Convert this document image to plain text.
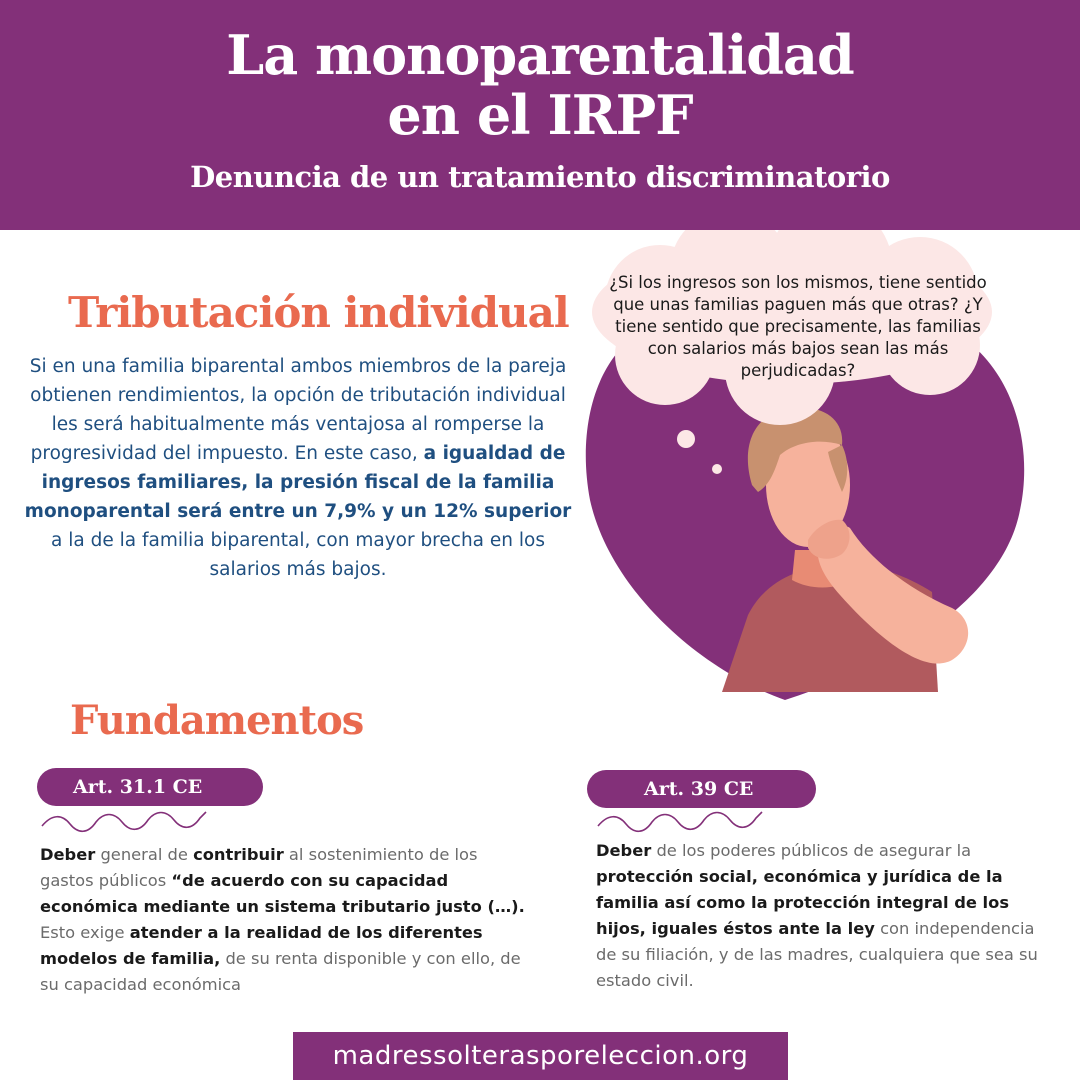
La monoparentalidad
en el IRPF
Denuncia de un tratamiento discriminatorio
¿Si los ingresos son los mismos, tiene sentido que unas familias paguen más que otras? ¿Y tiene sentido que precisamente, las familias con salarios más bajos sean las más perjudicadas?
Tributación individual
Si en una familia biparental ambos miembros de la pareja obtienen rendimientos, la opción de tributación individual les será habitualmente más ventajosa al romperse la progresividad del impuesto. En este caso, a igualdad de ingresos familiares, la presión fiscal de la familia monoparental será entre un 7,9% y un 12% superior a la de la familia biparental, con mayor brecha en los salarios más bajos.
Fundamentos
Art. 31.1 CE
Deber general de contribuir al sostenimiento de los gastos públicos “de acuerdo con su capacidad económica mediante un sistema tributario justo (…). Esto exige atender a la realidad de los diferentes modelos de familia, de su renta disponible y con ello, de su capacidad económica
Art. 39 CE
Deber de los poderes públicos de asegurar la protección social, económica y jurídica de la familia así como la protección integral de los hijos, iguales éstos ante la ley con independencia de su filiación, y de las madres, cualquiera que sea su estado civil.
madressolterasporeleccion.org
